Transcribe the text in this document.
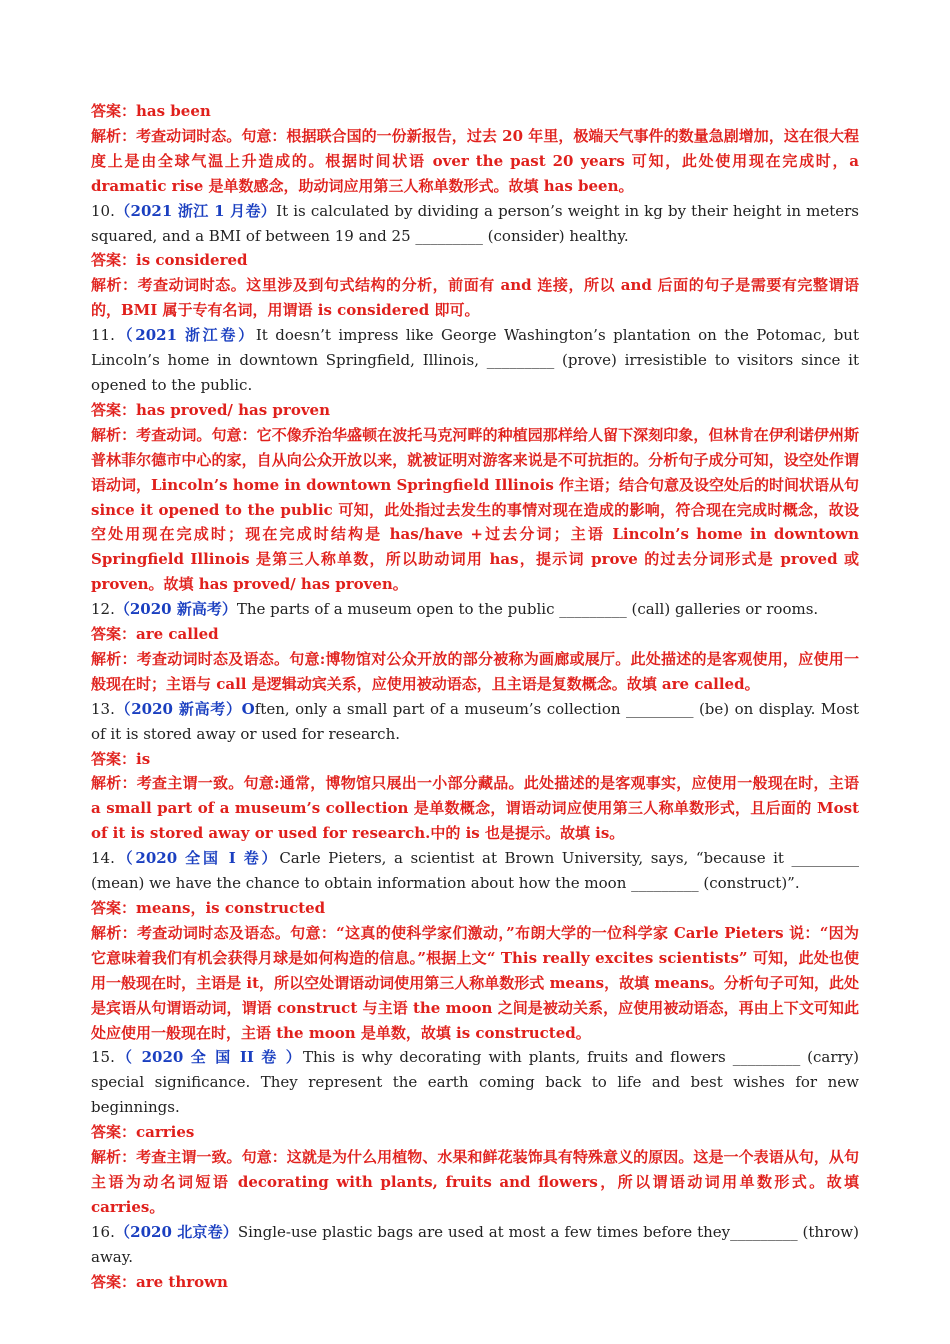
答案：has been

解析：考查动词时态。句意：根据联合国的一份新报告，过去 20 年里，极端天气事件的数量急剧增加，这在很大程度上是由全球气温上升造成的。根据时间状语 over the past 20 years 可知，此处使用现在完成时，a dramatic rise 是单数感念，助动词应用第三人称单数形式。故填 has been。

10.（2021 浙江 1 月卷）It is calculated by dividing a person’s weight in kg by their height in meters squared, and a BMI of between 19 and 25 _________ (consider) healthy.

答案：is considered

解析：考查动词时态。这里涉及到句式结构的分析，前面有 and 连接，所以 and 后面的句子是需要有完整谓语的，BMI 属于专有名词，用谓语 is considered 即可。

11.（2021 浙江卷）It doesn’t impress like George Washington’s plantation on the Potomac, but Lincoln’s home in downtown Springfield, Illinois, _________ (prove) irresistible to visitors since it opened to the public.

答案：has proved/ has proven

解析：考查动词。句意：它不像乔治华盛顿在波托马克河畔的种植园那样给人留下深刻印象，但林肯在伊利诺伊州斯普林菲尔德市中心的家，自从向公众开放以来，就被证明对游客来说是不可抗拒的。分析句子成分可知，设空处作谓语动词，Lincoln’s home in downtown Springfield Illinois 作主语；结合句意及设空处后的时间状语从句 since it opened to the public 可知，此处指过去发生的事情对现在造成的影响，符合现在完成时概念，故设空处用现在完成时；现在完成时结构是 has/have +过去分词；主语 Lincoln’s home in downtown Springfield Illinois 是第三人称单数，所以助动词用 has，提示词 prove 的过去分词形式是 proved 或 proven。故填 has proved/ has proven。

12.（2020 新高考）The parts of a museum open to the public _________ (call) galleries or rooms.

答案：are called

解析：考查动词时态及语态。句意:博物馆对公众开放的部分被称为画廊或展厅。此处描述的是客观使用，应使用一般现在时；主语与 call 是逻辑动宾关系，应使用被动语态，且主语是复数概念。故填 are called。

13.（2020 新高考）Often, only a small part of a museum’s collection _________ (be) on display. Most of it is stored away or used for research.

答案：is

解析：考查主谓一致。句意:通常，博物馆只展出一小部分藏品。此处描述的是客观事实，应使用一般现在时，主语 a small part of a museum’s collection 是单数概念，谓语动词应使用第三人称单数形式，且后面的 Most of it is stored away or used for research.中的 is 也是提示。故填 is。

14.（2020 全国 I 卷）Carle Pieters, a scientist at Brown University, says, “because it _________ (mean) we have the chance to obtain information about how the moon _________ (construct)”.

答案：means，is constructed

解析：考查动词时态及语态。句意：“这真的使科学家们激动，”布朗大学的一位科学家 Carle Pieters 说：“因为它意味着我们有机会获得月球是如何构造的信息。”根据上文“ This really excites scientists” 可知，此处也使用一般现在时，主语是 it，所以空处谓语动词使用第三人称单数形式 means，故填 means。分析句子可知，此处是宾语从句谓语动词，谓语 construct 与主语 the moon 之间是被动关系，应使用被动语态，再由上下文可知此处应使用一般现在时，主语 the moon 是单数，故填 is constructed。

15.（ 2020 全 国 II 卷 ）This is why decorating with plants, fruits and flowers _________ (carry) special significance. They represent the earth coming back to life and best wishes for new beginnings.

答案：carries

解析：考查主谓一致。句意：这就是为什么用植物、水果和鲜花装饰具有特殊意义的原因。这是一个表语从句，从句主语为动名词短语 decorating with plants, fruits and flowers，所以谓语动词用单数形式。故填 carries。

16.（2020 北京卷）Single-use plastic bags are used at most a few times before they_________ (throw) away.

答案：are thrown
